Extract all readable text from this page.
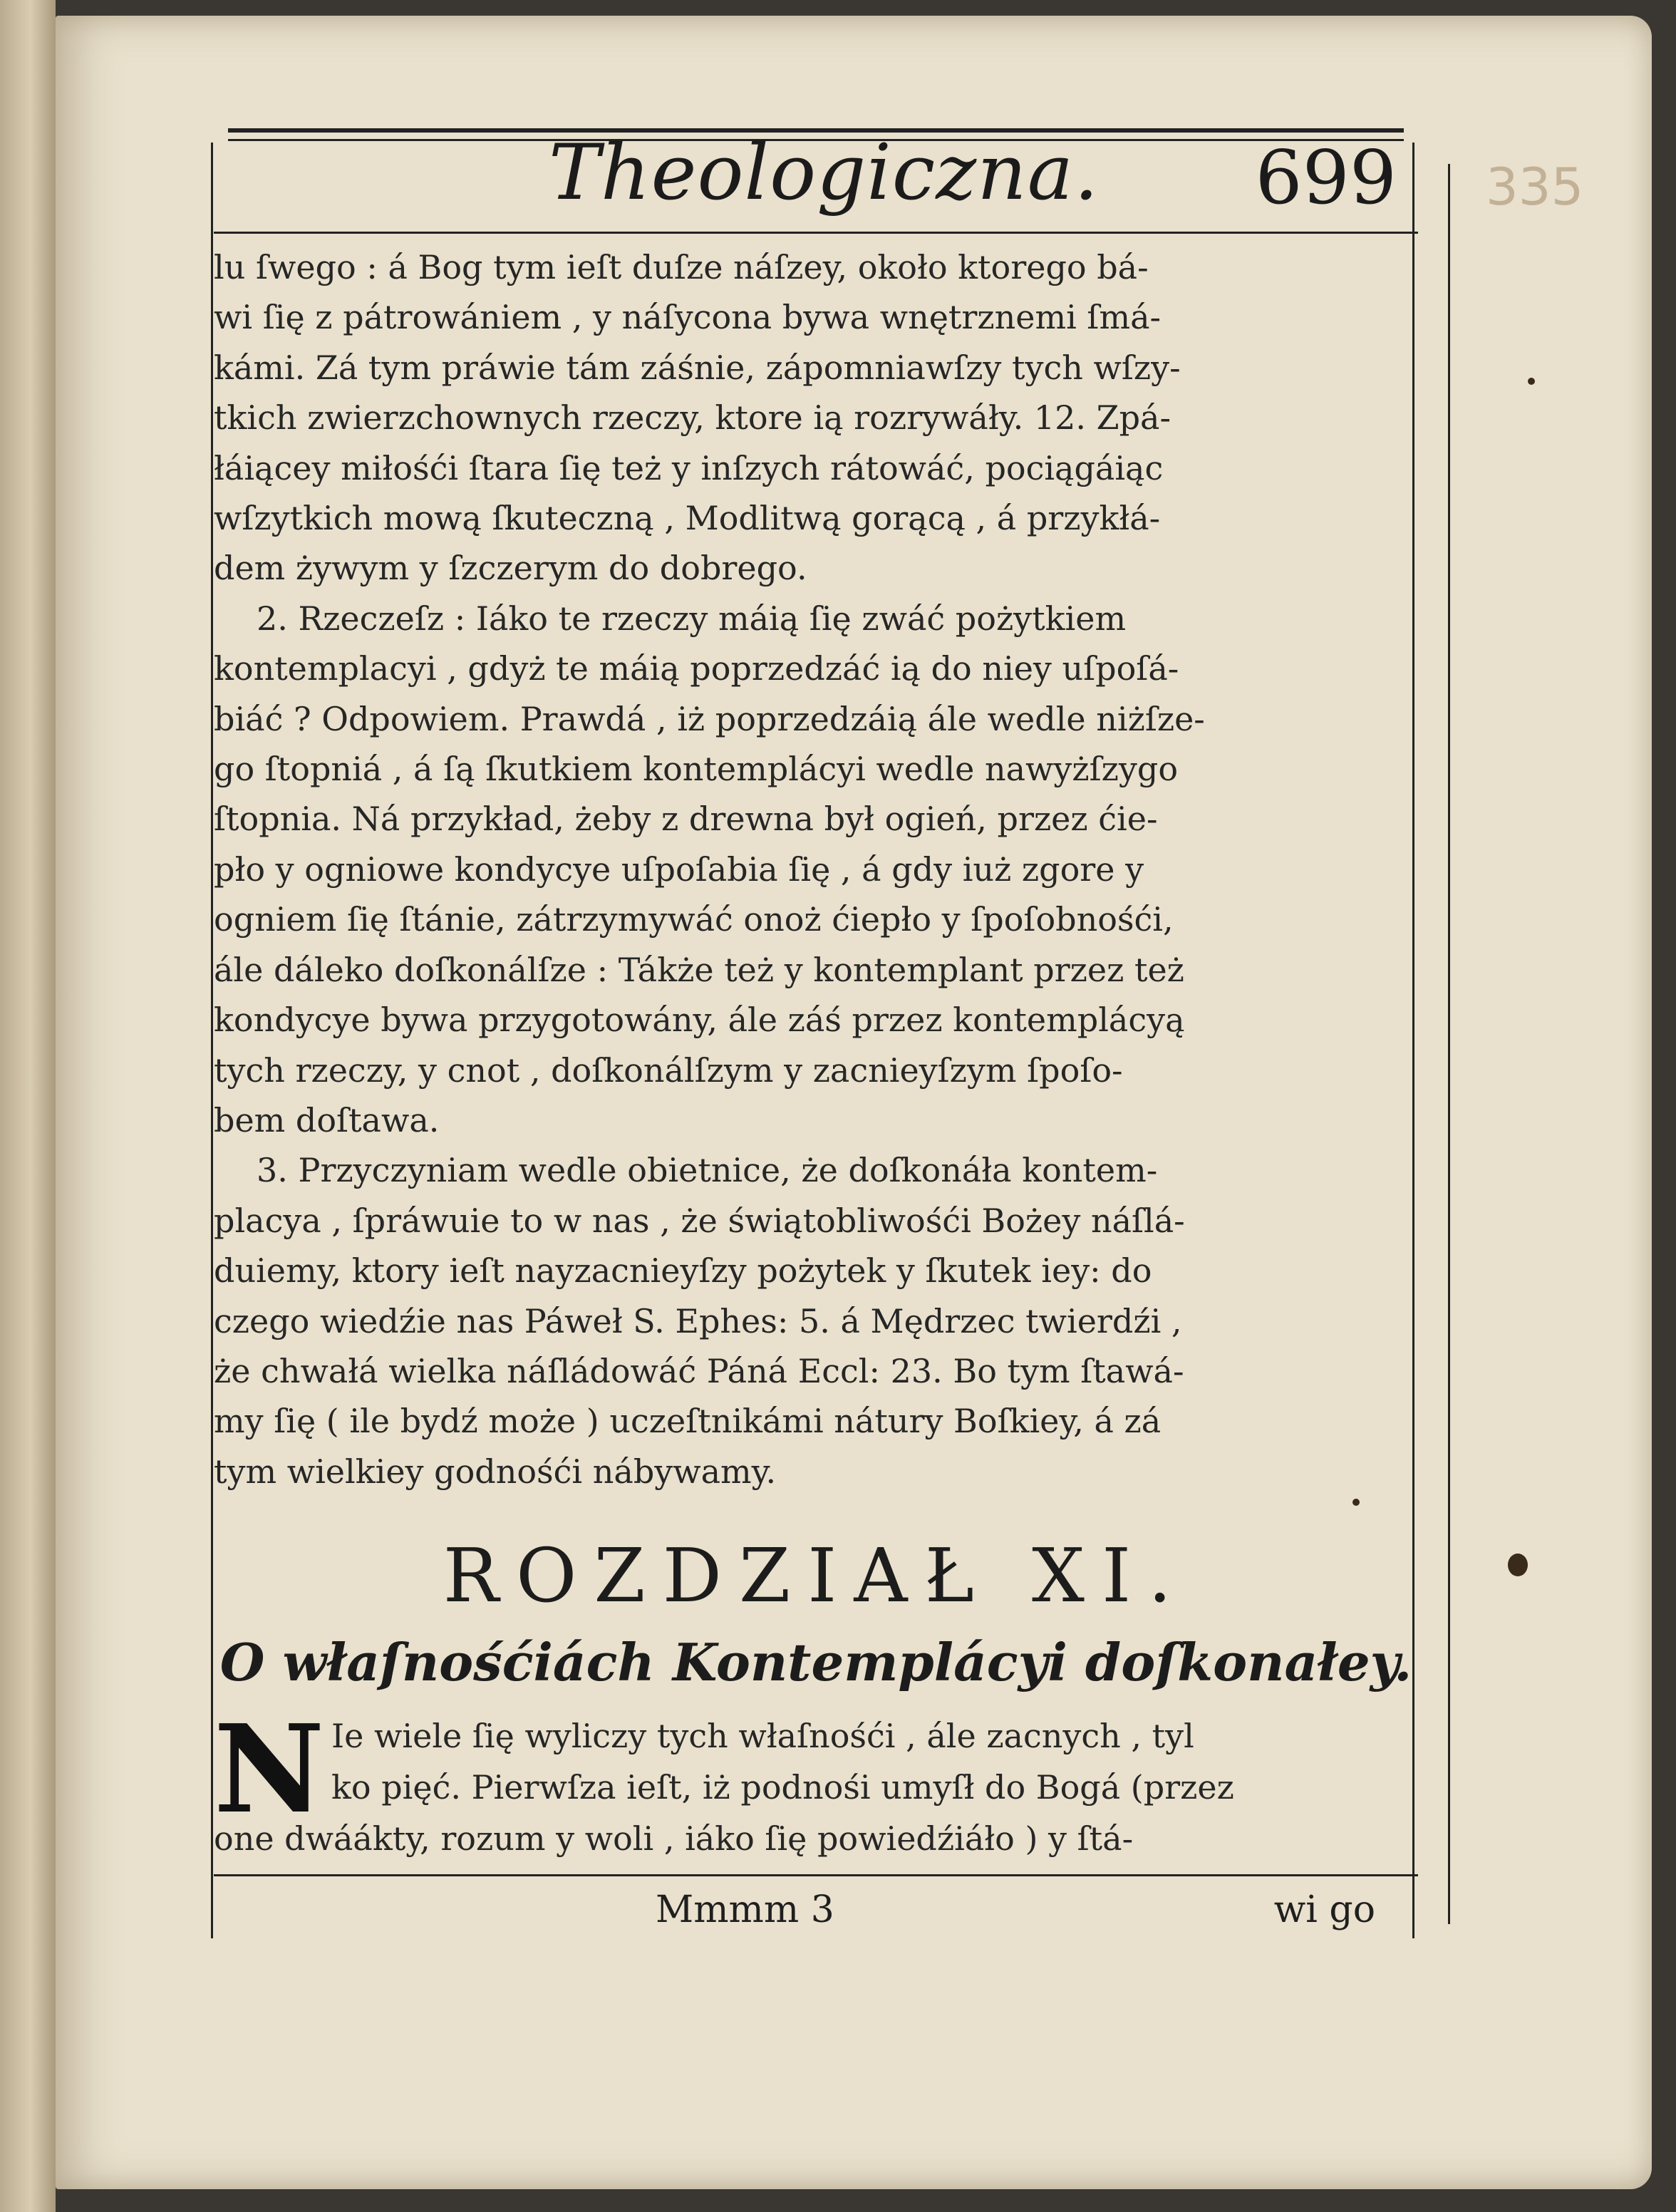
Theologiczna. 699 335
lu ſwego : á Bog tym ieſt duſze náſzey, około ktorego bá-
wi ſię z pátrowániem , y náſycona bywa wnętrznemi ſmá-
kámi. Zá tym práwie tám záśnie, zápomniawſzy tych wſzy-
tkich zwierzchownych rzeczy, ktore ią rozrywáły. 12. Zpá-
łáiącey miłośći ſtara ſię też y inſzych rátowáć, pociągáiąc
wſzytkich mową ſkuteczną , Modlitwą gorącą , á przykłá-
dem żywym y ſzczerym do dobrego.
2. Rzeczeſz : Iáko te rzeczy máią ſię zwáć pożytkiem
kontemplacyi , gdyż te máią poprzedzáć ią do niey uſpoſá-
biáć ? Odpowiem. Prawdá , iż poprzedzáią ále wedle niżſze-
go ſtopniá , á ſą ſkutkiem kontemplácyi wedle nawyżſzygo
ſtopnia. Ná przykład, żeby z drewna był ogień, przez ćie-
pło y ogniowe kondycye uſpoſabia ſię , á gdy iuż zgore y
ogniem ſię ſtánie, zátrzymywáć onoż ćiepło y ſpoſobnośći,
ále dáleko doſkonálſze : Tákże też y kontemplant przez też
kondycye bywa przygotowány, ále záś przez kontemplácyą
tych rzeczy, y cnot , doſkonálſzym y zacnieyſzym ſpoſo-
bem doſtawa.
3. Przyczyniam wedle obietnice, że doſkonáła kontem-
placya , ſpráwuie to w nas , że świątobliwośći Bożey náſlá-
duiemy, ktory ieſt nayzacnieyſzy pożytek y ſkutek iey: do
czego wiedźie nas Páweł S. Ephes: 5. á Mędrzec twierdźi ,
że chwałá wielka náſládowáć Páná Eccl: 23. Bo tym ſtawá-
my ſię ( ile bydź może ) uczeſtnikámi nátury Boſkiey, á zá
tym wielkiey godnośći nábywamy.
ROZDZIAŁ XI.
O właſnośćiách Kontemplácyi doſkonałey.
N Ie wiele ſię wyliczy tych właſnośći , ále zacnych , tyl
ko pięć. Pierwſza ieſt, iż podnośi umyſł do Bogá (przez
one dwáákty, rozum y woli , iáko ſię powiedźiáło ) y ſtá-
Mmmm 3	wi go
